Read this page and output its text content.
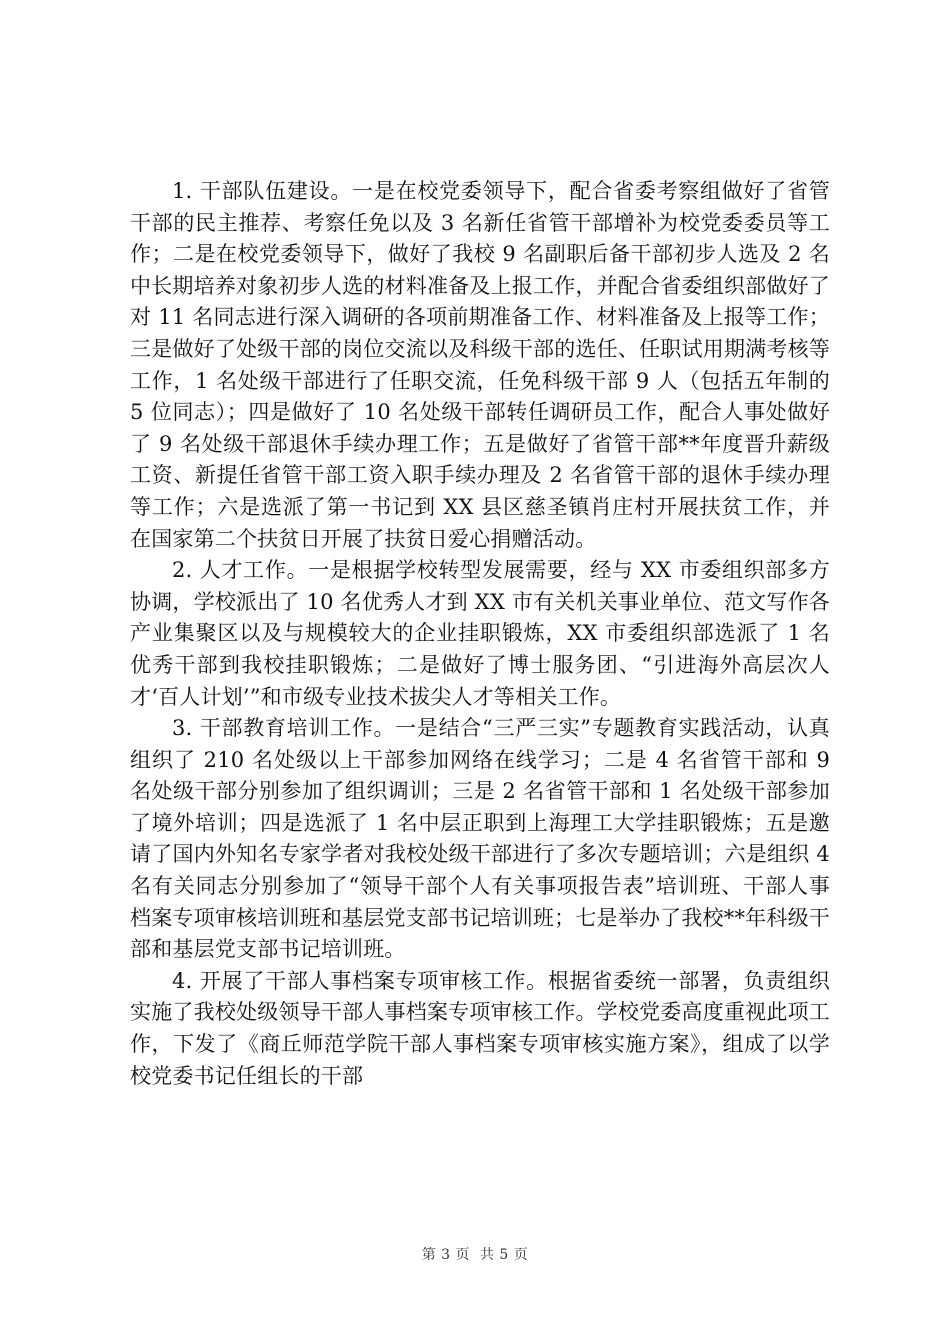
1. 干部队伍建设。一是在校党委领导下，配合省委考察组做好了省管干部的民主推荐、考察任免以及 3 名新任省管干部增补为校党委委员等工作；二是在校党委领导下，做好了我校 9 名副职后备干部初步人选及 2 名中长期培养对象初步人选的材料准备及上报工作，并配合省委组织部做好了对 11 名同志进行深入调研的各项前期准备工作、材料准备及上报等工作；三是做好了处级干部的岗位交流以及科级干部的选任、任职试用期满考核等工作，1 名处级干部进行了任职交流，任免科级干部 9 人（包括五年制的 5 位同志）；四是做好了 10 名处级干部转任调研员工作，配合人事处做好了 9 名处级干部退休手续办理工作；五是做好了省管干部**年度晋升薪级工资、新提任省管干部工资入职手续办理及 2 名省管干部的退休手续办理等工作；六是选派了第一书记到 XX 县区慈圣镇肖庄村开展扶贫工作，并在国家第二个扶贫日开展了扶贫日爱心捐赠活动。

2. 人才工作。一是根据学校转型发展需要，经与 XX 市委组织部多方协调，学校派出了 10 名优秀人才到 XX 市有关机关事业单位、范文写作各产业集聚区以及与规模较大的企业挂职锻炼，XX 市委组织部选派了 1 名优秀干部到我校挂职锻炼；二是做好了博士服务团、“引进海外高层次人才‘百人计划’”和市级专业技术拔尖人才等相关工作。

3. 干部教育培训工作。一是结合“三严三实”专题教育实践活动，认真组织了 210 名处级以上干部参加网络在线学习；二是 4 名省管干部和 9 名处级干部分别参加了组织调训；三是 2 名省管干部和 1 名处级干部参加了境外培训；四是选派了 1 名中层正职到上海理工大学挂职锻炼；五是邀请了国内外知名专家学者对我校处级干部进行了多次专题培训；六是组织 4 名有关同志分别参加了“领导干部个人有关事项报告表”培训班、干部人事档案专项审核培训班和基层党支部书记培训班；七是举办了我校**年科级干部和基层党支部书记培训班。

4. 开展了干部人事档案专项审核工作。根据省委统一部署，负责组织实施了我校处级领导干部人事档案专项审核工作。学校党委高度重视此项工作，下发了《商丘师范学院干部人事档案专项审核实施方案》，组成了以学校党委书记任组长的干部

第 3 页  共 5 页
